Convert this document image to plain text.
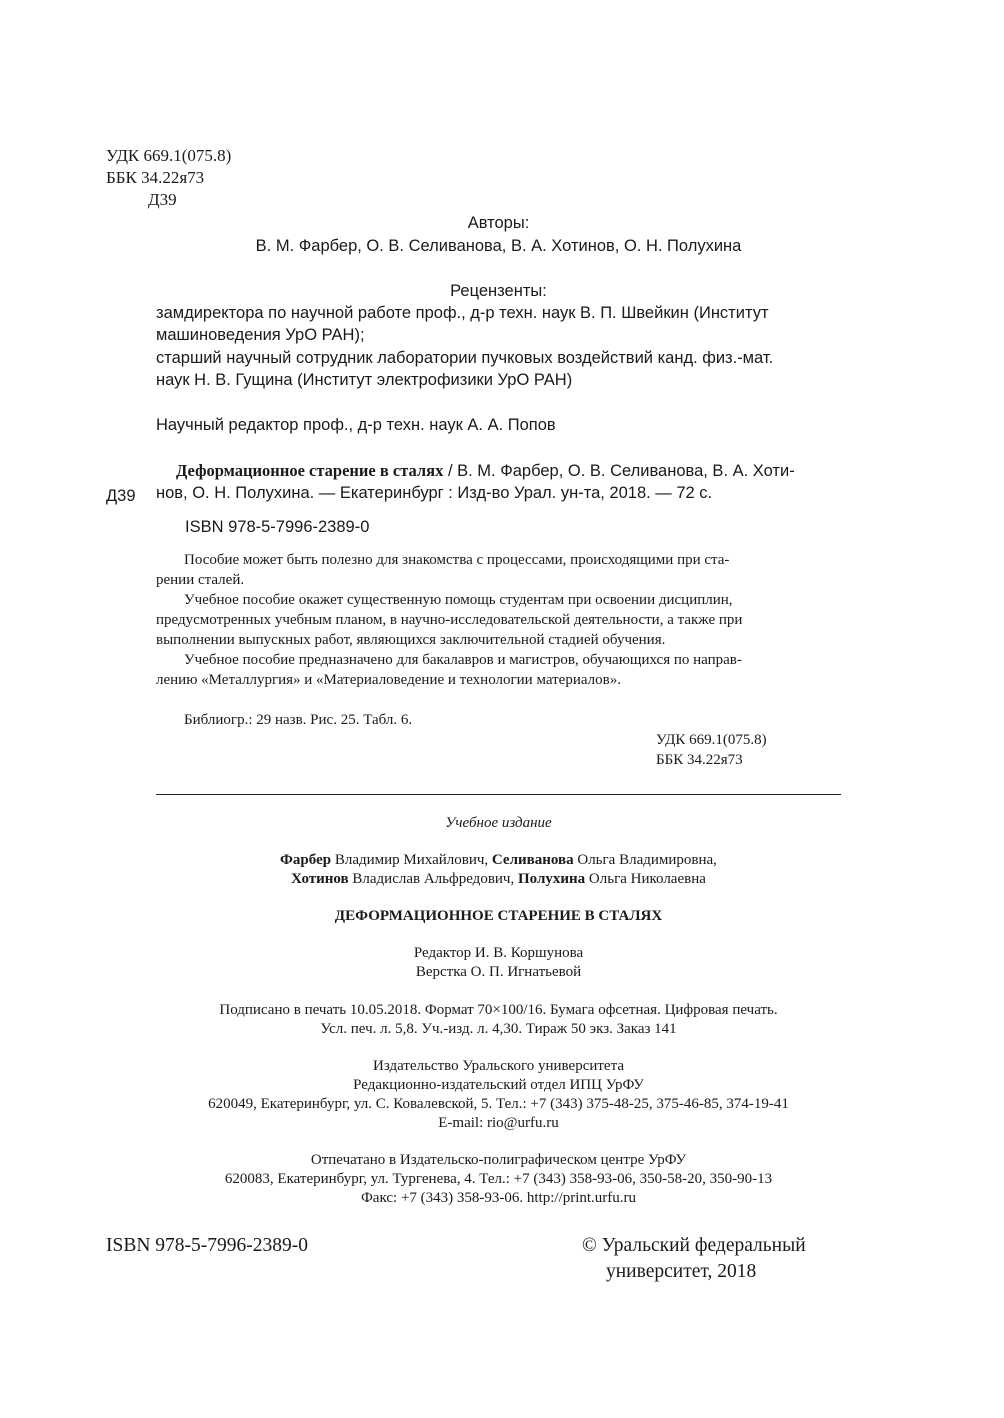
УДК 669.1(075.8)
ББК 34.22я73
Д39
Авторы:
В. М. Фарбер, О. В. Селиванова, В. А. Хотинов, О. Н. Полухина
Рецензенты:
замдиректора по научной работе проф., д-р техн. наук В. П. Швейкин (Институт
машиноведения УрО РАН);
старший научный сотрудник лаборатории пучковых воздействий канд. физ.-мат.
наук Н. В. Гущина (Институт электрофизики УрО РАН)
Научный редактор проф., д-р техн. наук А. А. Попов
Д39
Деформационное старение в сталях / В. М. Фарбер, О. В. Селиванова, В. А. Хоти-
нов, О. Н. Полухина. — Екатеринбург : Изд-во Урал. ун-та, 2018. — 72 с.
ISBN 978-5-7996-2389-0
Пособие может быть полезно для знакомства с процессами, происходящими при ста-
рении сталей.
Учебное пособие окажет существенную помощь студентам при освоении дисциплин,
предусмотренных учебным планом, в научно-исследовательской деятельности, а также при
выполнении выпускных работ, являющихся заключительной стадией обучения.
Учебное пособие предназначено для бакалавров и магистров, обучающихся по направ-
лению «Металлургия» и «Материаловедение и технологии материалов».
Библиогр.: 29 назв. Рис. 25. Табл. 6.
УДК 669.1(075.8)
ББК 34.22я73
Учебное издание
Фарбер Владимир Михайлович, Селиванова Ольга Владимировна,
Хотинов Владислав Альфредович, Полухина Ольга Николаевна
ДЕФОРМАЦИОННОЕ СТАРЕНИЕ В СТАЛЯХ
Редактор И. В. Коршунова
Верстка О. П. Игнатьевой
Подписано в печать 10.05.2018. Формат 70×100/16. Бумага офсетная. Цифровая печать.
Усл. печ. л. 5,8. Уч.-изд. л. 4,30. Тираж 50 экз. Заказ 141
Издательство Уральского университета
Редакционно-издательский отдел ИПЦ УрФУ
620049, Екатеринбург, ул. С. Ковалевской, 5. Тел.: +7 (343) 375-48-25, 375-46-85, 374-19-41
E-mail: rio@urfu.ru
Отпечатано в Издательско-полиграфическом центре УрФУ
620083, Екатеринбург, ул. Тургенева, 4. Тел.: +7 (343) 358-93-06, 350-58-20, 350-90-13
Факс: +7 (343) 358-93-06. http://print.urfu.ru
ISBN 978-5-7996-2389-0	© Уральский федеральный
университет, 2018
